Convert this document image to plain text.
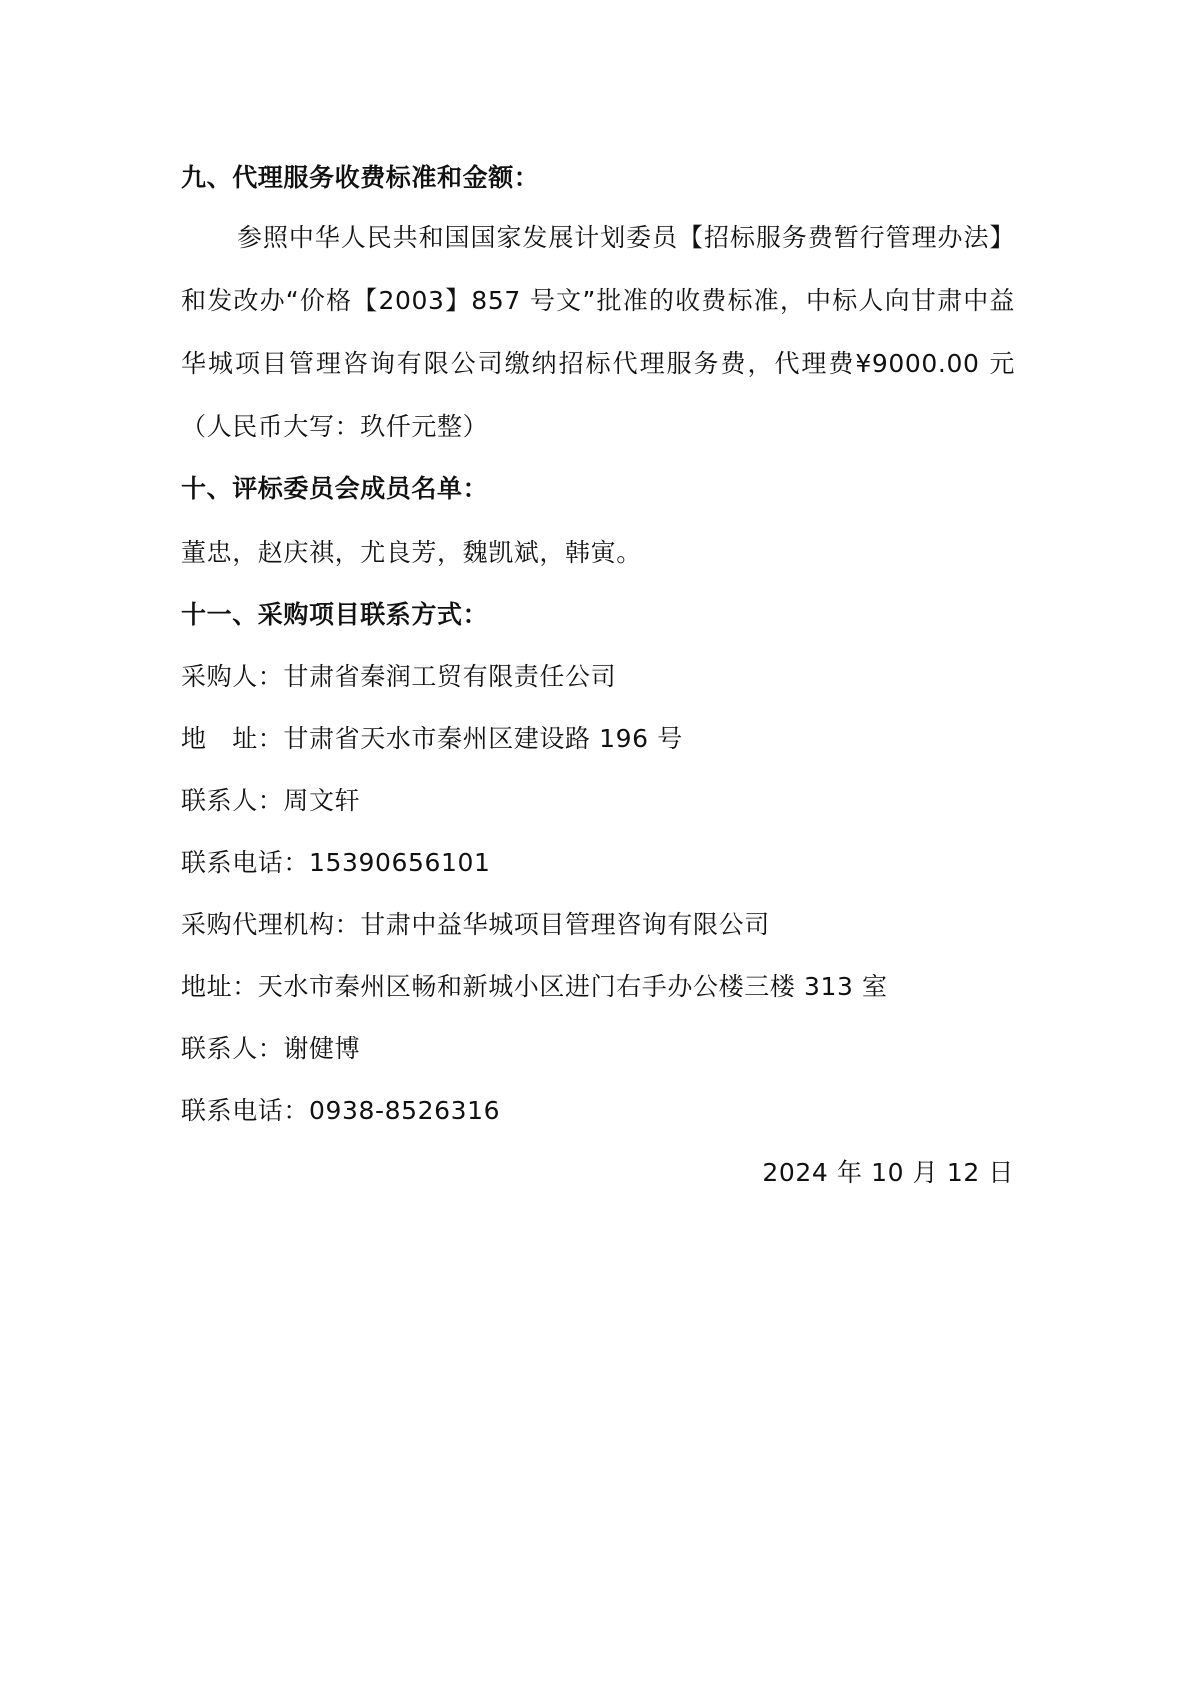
九、代理服务收费标准和金额：

参照中华人民共和国国家发展计划委员【招标服务费暂行管理办法】和发改办“价格【2003】857 号文”批准的收费标准，中标人向甘肃中益华城项目管理咨询有限公司缴纳招标代理服务费，代理费¥9000.00 元（人民币大写：玖仟元整）

十、评标委员会成员名单：
董忠，赵庆祺，尤良芳，魏凯斌，韩寅。
十一、采购项目联系方式：
采购人：甘肃省秦润工贸有限责任公司
地　址：甘肃省天水市秦州区建设路 196 号
联系人：周文轩
联系电话：15390656101
采购代理机构：甘肃中益华城项目管理咨询有限公司
地址：天水市秦州区畅和新城小区进门右手办公楼三楼 313 室
联系人：谢健博
联系电话：0938-8526316
2024 年 10 月 12 日
